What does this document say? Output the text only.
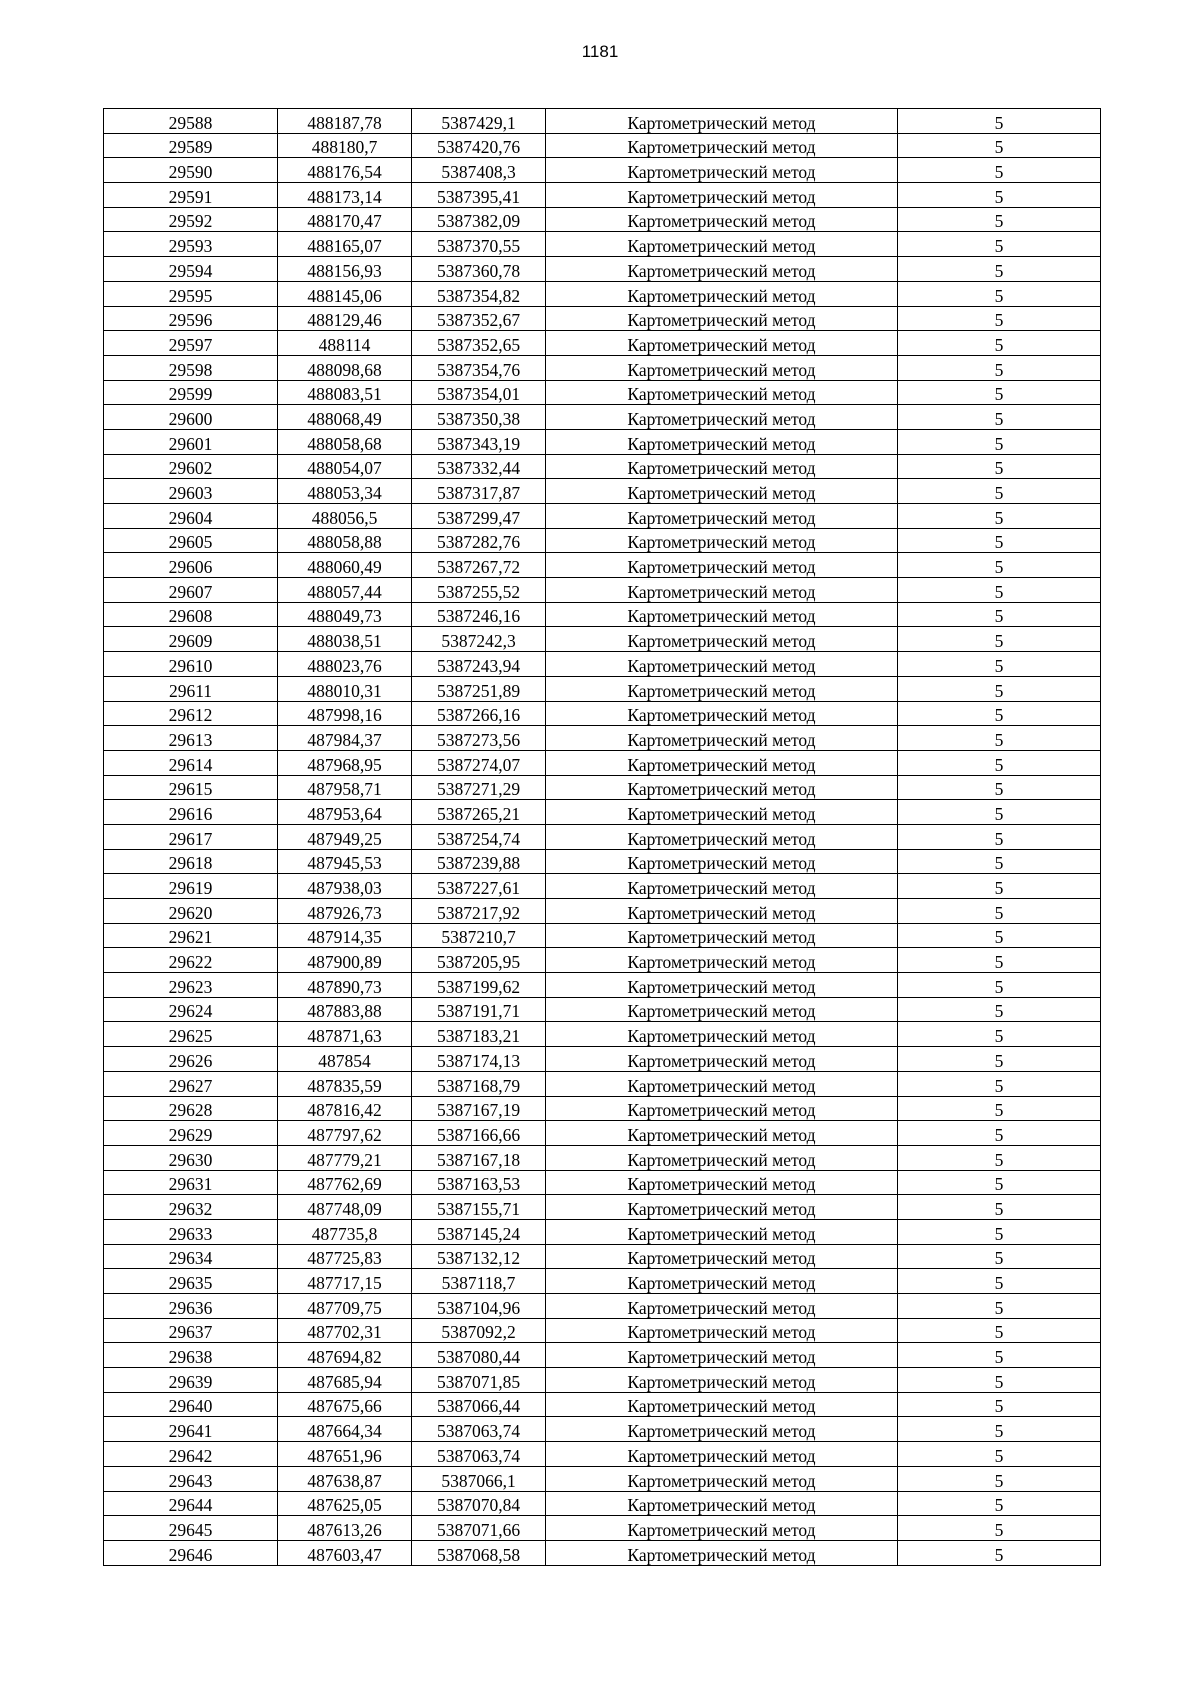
1181
29588	488187,78	5387429,1	Картометрический метод	5
29589	488180,7	5387420,76	Картометрический метод	5
29590	488176,54	5387408,3	Картометрический метод	5
29591	488173,14	5387395,41	Картометрический метод	5
29592	488170,47	5387382,09	Картометрический метод	5
29593	488165,07	5387370,55	Картометрический метод	5
29594	488156,93	5387360,78	Картометрический метод	5
29595	488145,06	5387354,82	Картометрический метод	5
29596	488129,46	5387352,67	Картометрический метод	5
29597	488114	5387352,65	Картометрический метод	5
29598	488098,68	5387354,76	Картометрический метод	5
29599	488083,51	5387354,01	Картометрический метод	5
29600	488068,49	5387350,38	Картометрический метод	5
29601	488058,68	5387343,19	Картометрический метод	5
29602	488054,07	5387332,44	Картометрический метод	5
29603	488053,34	5387317,87	Картометрический метод	5
29604	488056,5	5387299,47	Картометрический метод	5
29605	488058,88	5387282,76	Картометрический метод	5
29606	488060,49	5387267,72	Картометрический метод	5
29607	488057,44	5387255,52	Картометрический метод	5
29608	488049,73	5387246,16	Картометрический метод	5
29609	488038,51	5387242,3	Картометрический метод	5
29610	488023,76	5387243,94	Картометрический метод	5
29611	488010,31	5387251,89	Картометрический метод	5
29612	487998,16	5387266,16	Картометрический метод	5
29613	487984,37	5387273,56	Картометрический метод	5
29614	487968,95	5387274,07	Картометрический метод	5
29615	487958,71	5387271,29	Картометрический метод	5
29616	487953,64	5387265,21	Картометрический метод	5
29617	487949,25	5387254,74	Картометрический метод	5
29618	487945,53	5387239,88	Картометрический метод	5
29619	487938,03	5387227,61	Картометрический метод	5
29620	487926,73	5387217,92	Картометрический метод	5
29621	487914,35	5387210,7	Картометрический метод	5
29622	487900,89	5387205,95	Картометрический метод	5
29623	487890,73	5387199,62	Картометрический метод	5
29624	487883,88	5387191,71	Картометрический метод	5
29625	487871,63	5387183,21	Картометрический метод	5
29626	487854	5387174,13	Картометрический метод	5
29627	487835,59	5387168,79	Картометрический метод	5
29628	487816,42	5387167,19	Картометрический метод	5
29629	487797,62	5387166,66	Картометрический метод	5
29630	487779,21	5387167,18	Картометрический метод	5
29631	487762,69	5387163,53	Картометрический метод	5
29632	487748,09	5387155,71	Картометрический метод	5
29633	487735,8	5387145,24	Картометрический метод	5
29634	487725,83	5387132,12	Картометрический метод	5
29635	487717,15	5387118,7	Картометрический метод	5
29636	487709,75	5387104,96	Картометрический метод	5
29637	487702,31	5387092,2	Картометрический метод	5
29638	487694,82	5387080,44	Картометрический метод	5
29639	487685,94	5387071,85	Картометрический метод	5
29640	487675,66	5387066,44	Картометрический метод	5
29641	487664,34	5387063,74	Картометрический метод	5
29642	487651,96	5387063,74	Картометрический метод	5
29643	487638,87	5387066,1	Картометрический метод	5
29644	487625,05	5387070,84	Картометрический метод	5
29645	487613,26	5387071,66	Картометрический метод	5
29646	487603,47	5387068,58	Картометрический метод	5
